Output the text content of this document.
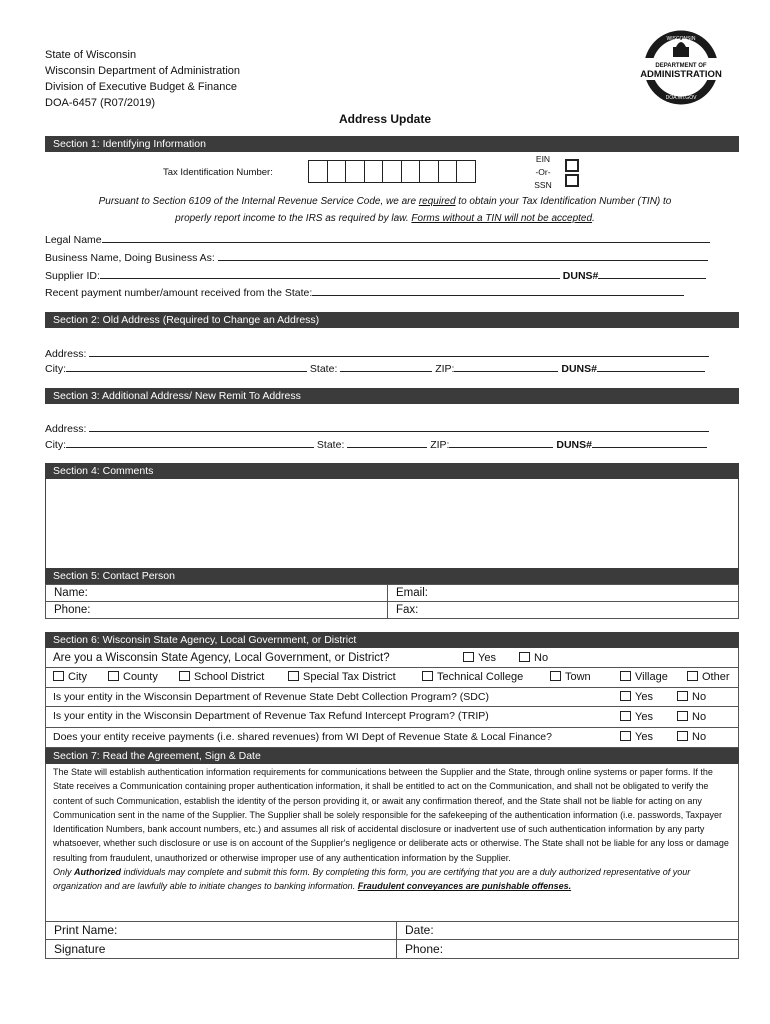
State of Wisconsin
Wisconsin Department of Administration
Division of Executive Budget & Finance
DOA-6457 (R07/2019)
DEPARTMENT OF
ADMINISTRATION
WISCONSIN
DOA.WI.GOV
Address Update
Section 1: Identifying Information
Tax Identification Number:
EIN
-Or-
SSN
Pursuant to Section 6109 of the Internal Revenue Service Code, we are required to obtain your Tax Identification Number (TIN) to
properly report income to the IRS as required by law. Forms without a TIN will not be accepted.
Legal Name
Business Name, Doing Business As:
Supplier ID:	DUNS#
Recent payment number/amount received from the State:
Section 2: Old Address (Required to Change an Address)
Address:
City:	State:	ZIP:	DUNS#
Section 3: Additional Address/ New Remit To Address
Address:
City:	State:	ZIP:	DUNS#
Section 4: Comments
Section 5: Contact Person
Name:	Email:
Phone:	Fax:
Section 6: Wisconsin State Agency, Local Government, or District
Are you a Wisconsin State Agency, Local Government, or District?	Yes	No
City	County	School District	Special Tax District	Technical College	Town	Village	Other
Is your entity in the Wisconsin Department of Revenue State Debt Collection Program? (SDC)	Yes	No
Is your entity in the Wisconsin Department of Revenue Tax Refund Intercept Program? (TRIP)	Yes	No
Does your entity receive payments (i.e. shared revenues) from WI Dept of Revenue State & Local Finance?	Yes	No
Section 7: Read the Agreement, Sign & Date
The State will establish authentication information requirements for communications between the Supplier and the State, through online systems or paper forms. If the State receives a Communication containing proper authentication information, it shall be entitled to act on the Communication, and shall not be obligated to verify the content of such Communication, establish the identity of the person providing it, or await any confirmation thereof, and the State shall not be liable for acting on any Communication sent in the name of the Supplier. The Supplier shall be solely responsible for the safekeeping of the authentication information (i.e. passwords, Taxpayer Identification Numbers, bank account numbers, etc.) and assumes all risk of accidental disclosure or inadvertent use of such authentication information by any party whatsoever, whether such disclosure or use is on account of the Supplier's negligence or deliberate acts or otherwise. The State shall not be liable for any loss or damage resulting from fraudulent, unauthorized or otherwise improper use of any authentication information by the Supplier.
Only Authorized individuals may complete and submit this form. By completing this form, you are certifying that you are a duly authorized representative of your organization and are lawfully able to initiate changes to banking information. Fraudulent conveyances are punishable offenses.
Print Name:	Date:
Signature	Phone:
